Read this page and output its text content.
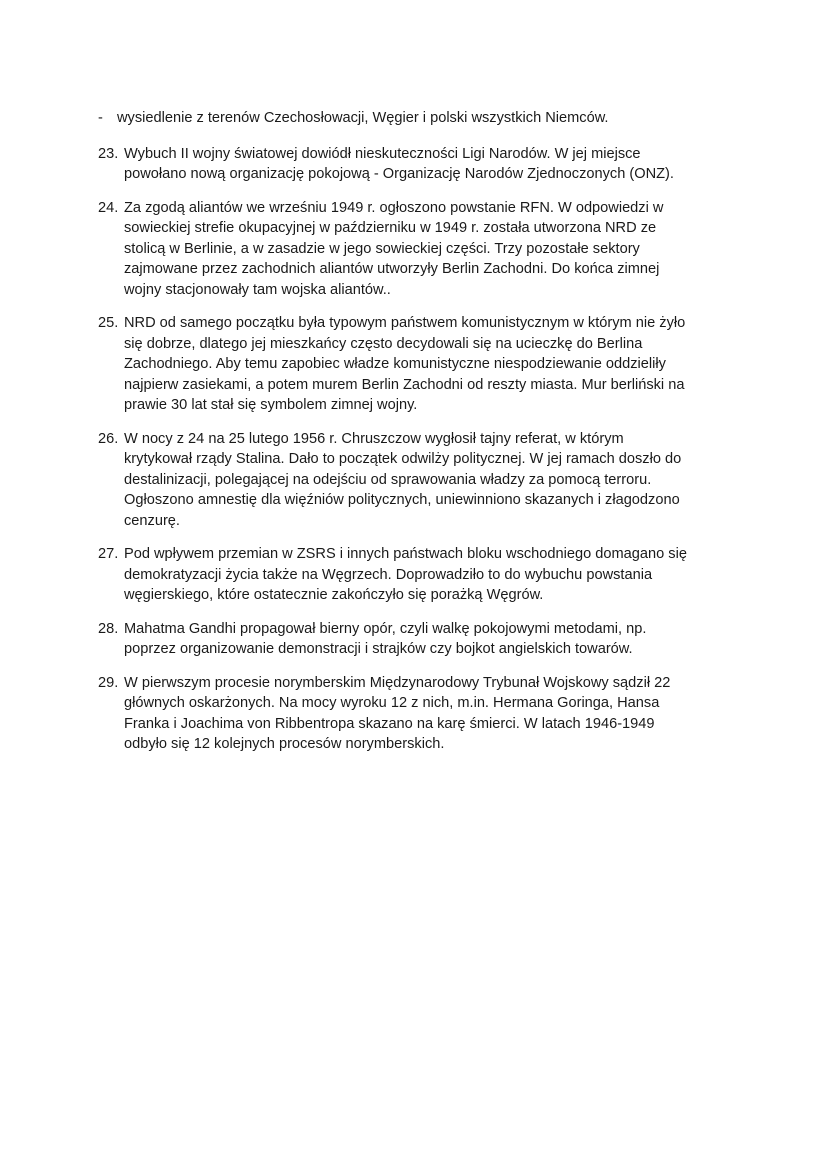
- wysiedlenie z terenów Czechosłowacji, Węgier i polski wszystkich Niemców.
23. Wybuch II wojny światowej dowiódł nieskuteczności Ligi Narodów. W jej miejsce
powołano nową organizację pokojową - Organizację Narodów Zjednoczonych (ONZ).
24. Za zgodą aliantów we wrześniu 1949 r. ogłoszono powstanie RFN. W odpowiedzi w
sowieckiej strefie okupacyjnej w październiku w 1949 r. została utworzona NRD ze
stolicą w Berlinie, a w zasadzie w jego sowieckiej części. Trzy pozostałe sektory
zajmowane przez zachodnich aliantów utworzyły Berlin Zachodni. Do końca zimnej
wojny stacjonowały tam wojska aliantów..
25. NRD od samego początku była typowym państwem komunistycznym w którym nie żyło
się dobrze, dlatego jej mieszkańcy często decydowali się na ucieczkę do Berlina
Zachodniego. Aby temu zapobiec władze komunistyczne niespodziewanie oddzieliły
najpierw zasiekami, a potem murem Berlin Zachodni od reszty miasta. Mur berliński na
prawie 30 lat stał się symbolem zimnej wojny.
26. W nocy z 24 na 25 lutego 1956 r. Chruszczow wygłosił tajny referat, w którym
krytykował rządy Stalina. Dało to początek odwilży politycznej. W jej ramach doszło do
destalinizacji, polegającej na odejściu od sprawowania władzy za pomocą terroru.
Ogłoszono amnestię dla więźniów politycznych, uniewinniono skazanych i złagodzono
cenzurę.
27. Pod wpływem przemian w ZSRS i innych państwach bloku wschodniego domagano się
demokratyzacji życia także na Węgrzech. Doprowadziło to do wybuchu powstania
węgierskiego, które ostatecznie zakończyło się porażką Węgrów.
28. Mahatma Gandhi propagował bierny opór, czyli walkę pokojowymi metodami, np.
poprzez organizowanie demonstracji i strajków czy bojkot angielskich towarów.
29. W pierwszym procesie norymberskim Międzynarodowy Trybunał Wojskowy sądził 22
głównych oskarżonych. Na mocy wyroku 12 z nich, m.in. Hermana Goringa, Hansa
Franka i Joachima von Ribbentropa skazano na karę śmierci. W latach 1946-1949
odbyło się 12 kolejnych procesów norymberskich.
